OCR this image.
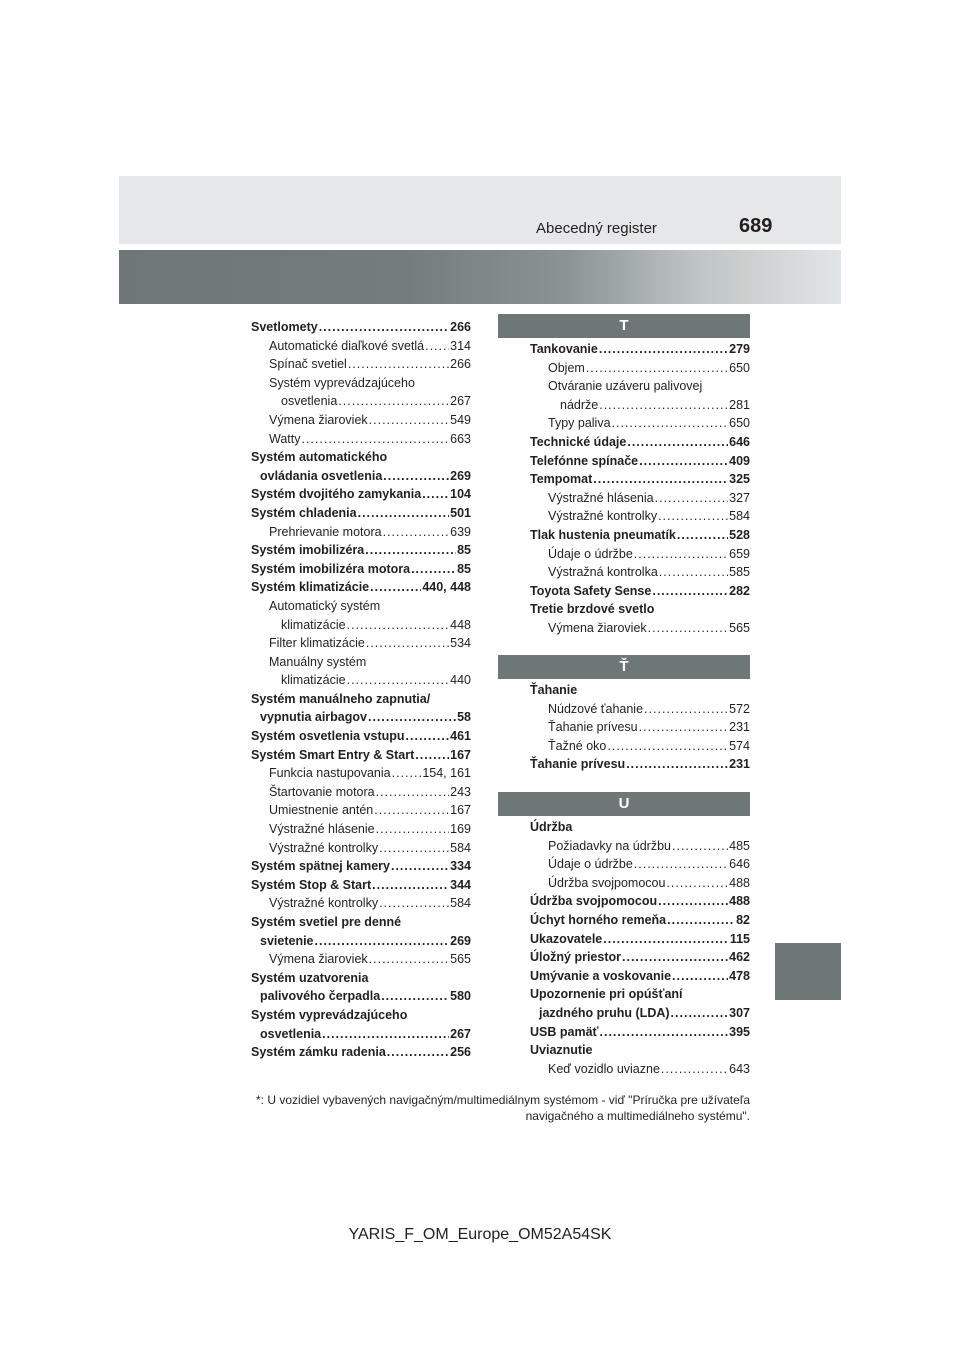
Abecedný register	689
Svetlomety .....	266
Automatické diaľkové svetlá ..... 314
Spínač svetiel .....	266
Systém vyprevádzajúceho
osvetlenia .....	267
Výmena žiaroviek .....	549
Watty .....	663
Systém automatického
ovládania osvetlenia .....	269
Systém dvojitého zamykania ..... 104
Systém chladenia .....	501
Prehrievanie motora .....	639
Systém imobilizéra .....	85
Systém imobilizéra motora .....	85
Systém klimatizácie .....	440, 448
Automatický systém
klimatizácie .....	448
Filter klimatizácie .....	534
Manuálny systém
klimatizácie .....	440
Systém manuálneho zapnutia/
vypnutia airbagov .....	58
Systém osvetlenia vstupu .....	461
Systém Smart Entry & Start .....	167
Funkcia nastupovania .....	154, 161
Štartovanie motora .....	243
Umiestnenie antén .....	167
Výstražné hlásenie .....	169
Výstražné kontrolky .....	584
Systém spätnej kamery .....	334
Systém Stop & Start .....	344
Výstražné kontrolky .....	584
Systém svetiel pre denné
svietenie .....	269
Výmena žiaroviek .....	565
Systém uzatvorenia
palivového čerpadla .....	580
Systém vyprevádzajúceho
osvetlenia .....	267
Systém zámku radenia .....	256
T
Tankovanie .....	279
Objem .....	650
Otváranie uzáveru palivovej
nádrže .....	281
Typy paliva .....	650
Technické údaje .....	646
Telefónne spínače .....	409
Tempomat .....	325
Výstražné hlásenia .....	327
Výstražné kontrolky .....	584
Tlak hustenia pneumatík .....	528
Údaje o údržbe .....	659
Výstražná kontrolka .....	585
Toyota Safety Sense .....	282
Tretie brzdové svetlo
Výmena žiaroviek .....	565
Ť
Ťahanie
Núdzové ťahanie .....	572
Ťahanie prívesu .....	231
Ťažné oko .....	574
Ťahanie prívesu .....	231
U
Údržba
Požiadavky na údržbu .....	485
Údaje o údržbe .....	646
Údržba svojpomocou .....	488
Údržba svojpomocou .....	488
Úchyt horného remeňa .....	82
Ukazovatele .....	115
Úložný priestor .....	462
Umývanie a voskovanie .....	478
Upozornenie pri opúšťaní
jazdného pruhu (LDA) .....	307
USB pamäť .....	395
Uviaznutie
Keď vozidlo uviazne .....	643
*: U vozidiel vybavených navigačným/multimediálnym systémom - viď "Príručka pre užívateľa
navigačného a multimediálneho systému".
YARIS_F_OM_Europe_OM52A54SK
